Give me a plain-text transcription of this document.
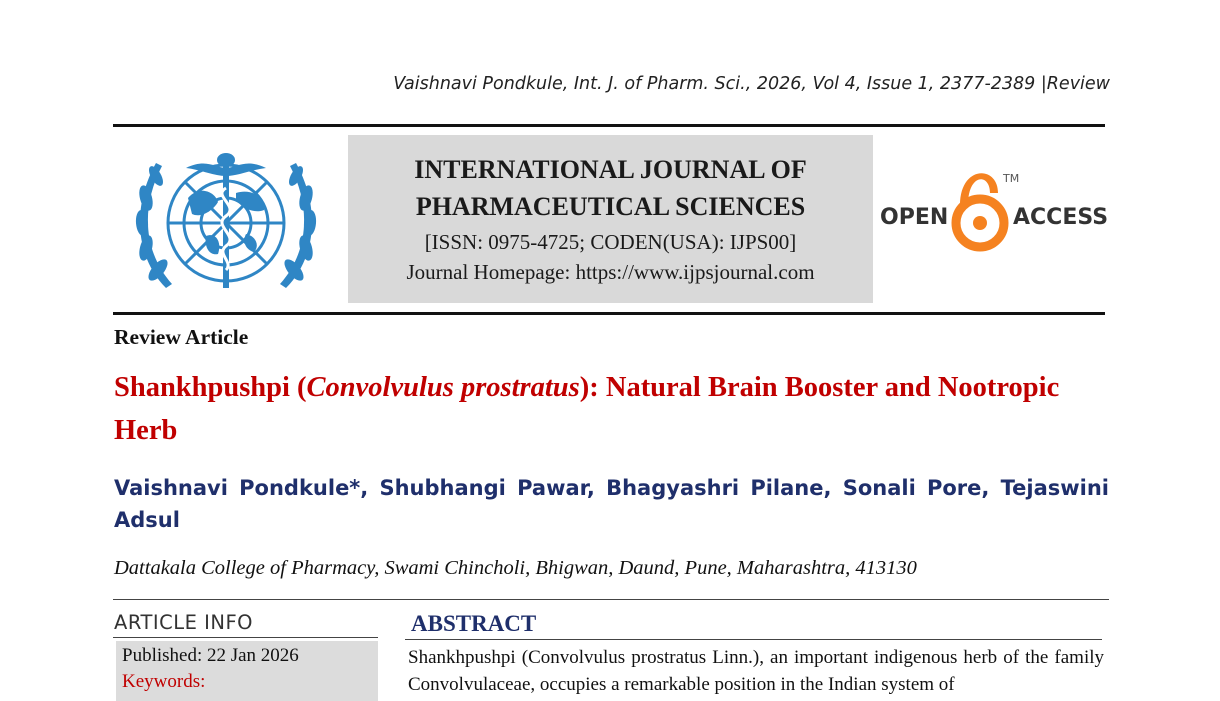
Vaishnavi Pondkule, Int. J. of Pharm. Sci., 2026, Vol 4, Issue 1, 2377-2389 |Review
INTERNATIONAL JOURNAL OF
PHARMACEUTICAL SCIENCES
[ISSN: 0975-4725; CODEN(USA): IJPS00]
Journal Homepage: https://www.ijpsjournal.com
OPEN
TM
ACCESS
Review Article
Shankhpushpi (Convolvulus prostratus): Natural Brain Booster and Nootropic Herb
Vaishnavi Pondkule*, Shubhangi Pawar, Bhagyashri Pilane, Sonali Pore, Tejaswini Adsul
Dattakala College of Pharmacy, Swami Chincholi, Bhigwan, Daund, Pune, Maharashtra, 413130
ARTICLE INFO
Published: 22 Jan 2026
Keywords:
ABSTRACT
Shankhpushpi (Convolvulus prostratus Linn.), an important indigenous herb of the family Convolvulaceae, occupies a remarkable position in the Indian system of
